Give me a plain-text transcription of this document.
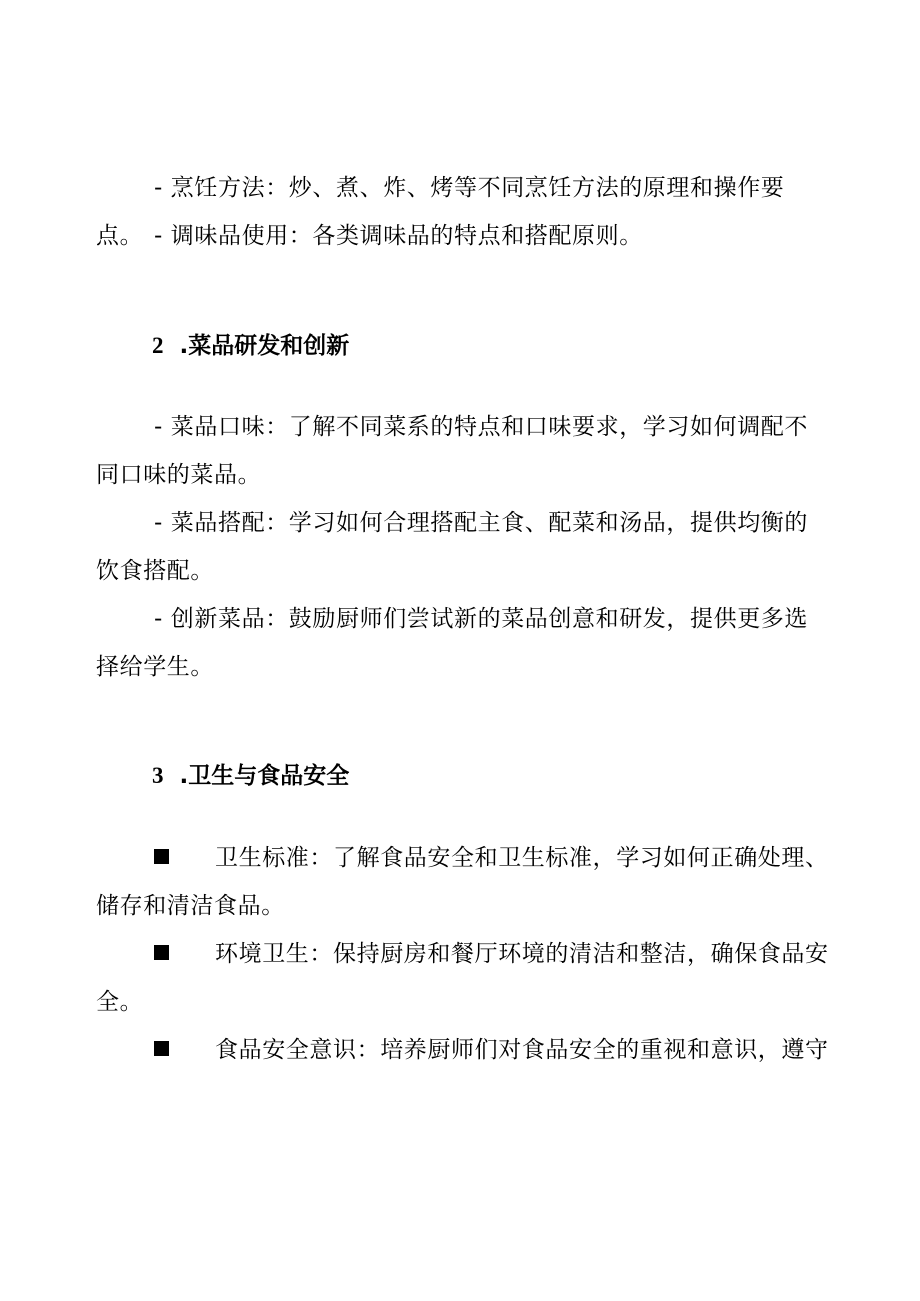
- 烹饪方法：炒、煮、炸、烤等不同烹饪方法的原理和操作要点。 - 调味品使用：各类调味品的特点和搭配原则。

2 .菜品研发和创新

- 菜品口味：了解不同菜系的特点和口味要求，学习如何调配不同口味的菜品。

- 菜品搭配：学习如何合理搭配主食、配菜和汤品，提供均衡的饮食搭配。

- 创新菜品：鼓励厨师们尝试新的菜品创意和研发，提供更多选择给学生。

3 .卫生与食品安全

卫生标准：了解食品安全和卫生标准，学习如何正确处理、储存和清洁食品。

环境卫生：保持厨房和餐厅环境的清洁和整洁，确保食品安全。

食品安全意识：培养厨师们对食品安全的重视和意识，遵守
